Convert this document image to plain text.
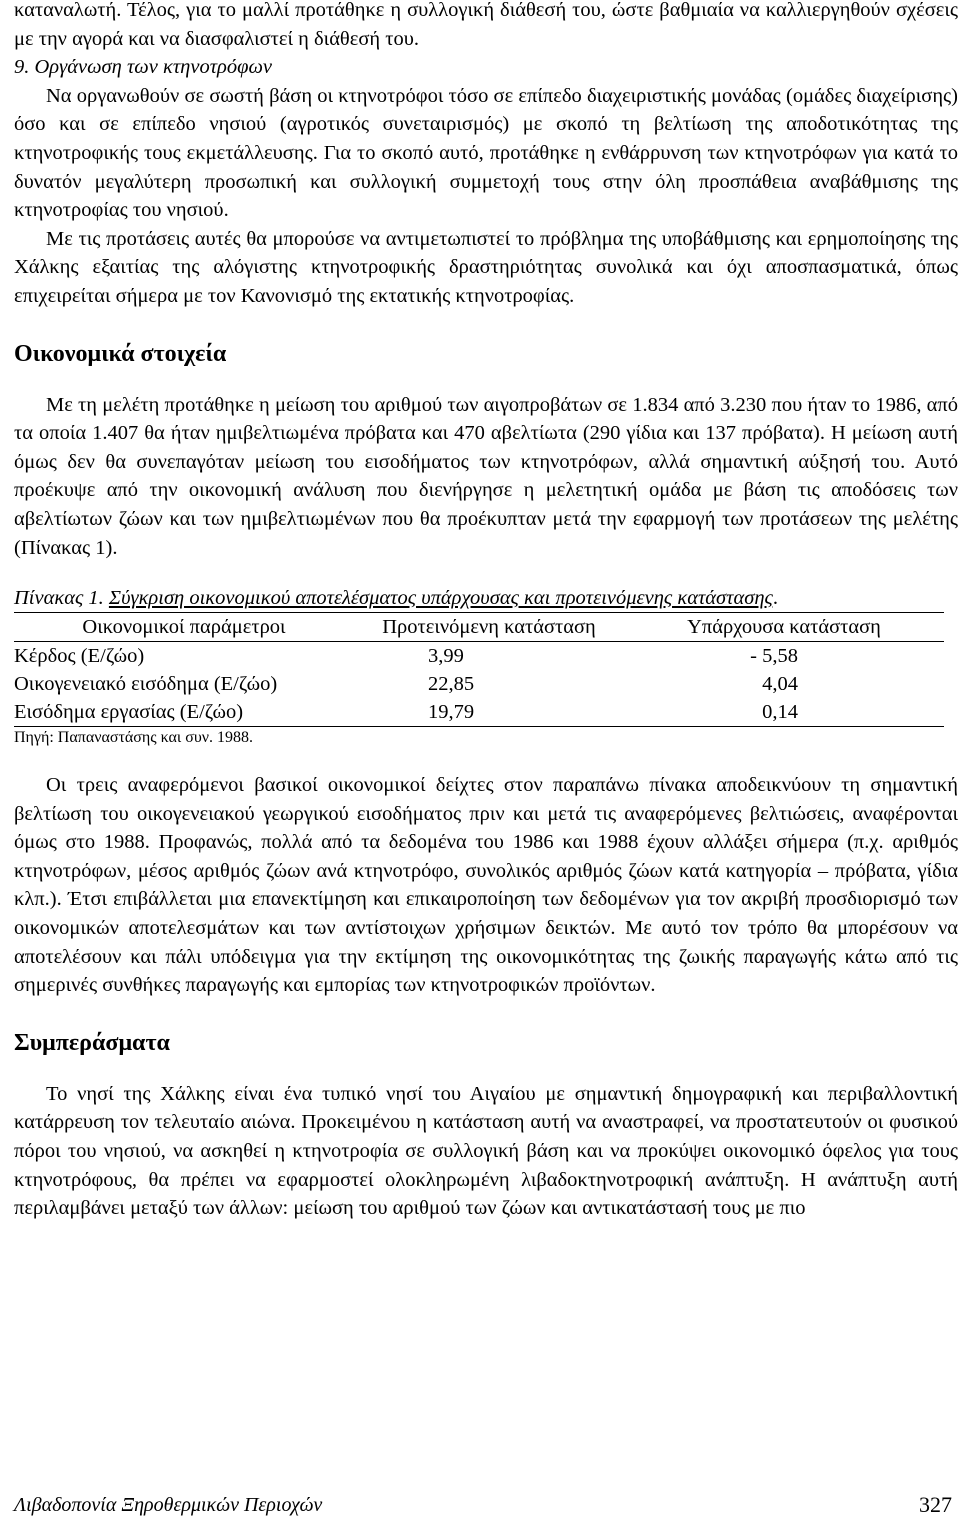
καταναλωτή. Τέλος, για το μαλλί προτάθηκε η συλλογική διάθεσή του, ώστε βαθμιαία να καλλιεργηθούν σχέσεις με την αγορά και να διασφαλιστεί η διάθεσή του.

9. Οργάνωση των κτηνοτρόφων

Να οργανωθούν σε σωστή βάση οι κτηνοτρόφοι τόσο σε επίπεδο διαχειριστικής μονάδας (ομάδες διαχείρισης) όσο και σε επίπεδο νησιού (αγροτικός συνεταιρισμός) με σκοπό τη βελτίωση της αποδοτικότητας της κτηνοτροφικής τους εκμετάλλευσης. Για το σκοπό αυτό, προτάθηκε η ενθάρρυνση των κτηνοτρόφων για κατά το δυνατόν μεγαλύτερη προσωπική και συλλογική συμμετοχή τους στην όλη προσπάθεια αναβάθμισης της κτηνοτροφίας του νησιού.

Με τις προτάσεις αυτές θα μπορούσε να αντιμετωπιστεί το πρόβλημα της υποβάθμισης και ερημοποίησης της Χάλκης εξαιτίας της αλόγιστης κτηνοτροφικής δραστηριότητας συνολικά και όχι αποσπασματικά, όπως επιχειρείται σήμερα με τον Κανονισμό της εκτατικής κτηνοτροφίας.

Οικονομικά στοιχεία

Με τη μελέτη προτάθηκε η μείωση του αριθμού των αιγοπροβάτων σε 1.834 από 3.230 που ήταν το 1986, από τα οποία 1.407 θα ήταν ημιβελτιωμένα πρόβατα και 470 αβελτίωτα (290 γίδια και 137 πρόβατα). Η μείωση αυτή όμως δεν θα συνεπαγόταν μείωση του εισοδήματος των κτηνοτρόφων, αλλά σημαντική αύξησή του. Αυτό προέκυψε από την οικονομική ανάλυση που διενήργησε η μελετητική ομάδα με βάση τις αποδόσεις των αβελτίωτων ζώων και των ημιβελτιωμένων που θα προέκυπταν μετά την εφαρμογή των προτάσεων της μελέτης (Πίνακας 1).

Πίνακας 1. Σύγκριση οικονομικού αποτελέσματος υπάρχουσας και προτεινόμενης κατάστασης.
Οικονομικοί παράμετροι	Προτεινόμενη κατάσταση	Υπάρχουσα κατάσταση
Κέρδος (Ε/ζώο)	3,99	- 5,58
Οικογενειακό εισόδημα (Ε/ζώο)	22,85	4,04
Εισόδημα εργασίας (Ε/ζώο)	19,79	0,14
Πηγή: Παπαναστάσης και συν. 1988.

Οι τρεις αναφερόμενοι βασικοί οικονομικοί δείχτες στον παραπάνω πίνακα αποδεικνύουν τη σημαντική βελτίωση του οικογενειακού γεωργικού εισοδήματος πριν και μετά τις αναφερόμενες βελτιώσεις, αναφέρονται όμως στο 1988. Προφανώς, πολλά από τα δεδομένα του 1986 και 1988 έχουν αλλάξει σήμερα (π.χ. αριθμός κτηνοτρόφων, μέσος αριθμός ζώων ανά κτηνοτρόφο, συνολικός αριθμός ζώων κατά κατηγορία – πρόβατα, γίδια κλπ.). Έτσι επιβάλλεται μια επανεκτίμηση και επικαιροποίηση των δεδομένων για τον ακριβή προσδιορισμό των οικονομικών αποτελεσμάτων και των αντίστοιχων χρήσιμων δεικτών. Με αυτό τον τρόπο θα μπορέσουν να αποτελέσουν και πάλι υπόδειγμα για την εκτίμηση της οικονομικότητας της ζωικής παραγωγής κάτω από τις σημερινές συνθήκες παραγωγής και εμπορίας των κτηνοτροφικών προϊόντων.

Συμπεράσματα

Το νησί της Χάλκης είναι ένα τυπικό νησί του Αιγαίου με σημαντική δημογραφική και περιβαλλοντική κατάρρευση τον τελευταίο αιώνα. Προκειμένου η κατάσταση αυτή να αναστραφεί, να προστατευτούν οι φυσικού πόροι του νησιού, να ασκηθεί η κτηνοτροφία σε συλλογική βάση και να προκύψει οικονομικό όφελος για τους κτηνοτρόφους, θα πρέπει να εφαρμοστεί ολοκληρωμένη λιβαδοκτηνοτροφική ανάπτυξη. Η ανάπτυξη αυτή περιλαμβάνει μεταξύ των άλλων: μείωση του αριθμού των ζώων και αντικατάστασή τους με πιο

Λιβαδοπονία Ξηροθερμικών Περιοχών	327
